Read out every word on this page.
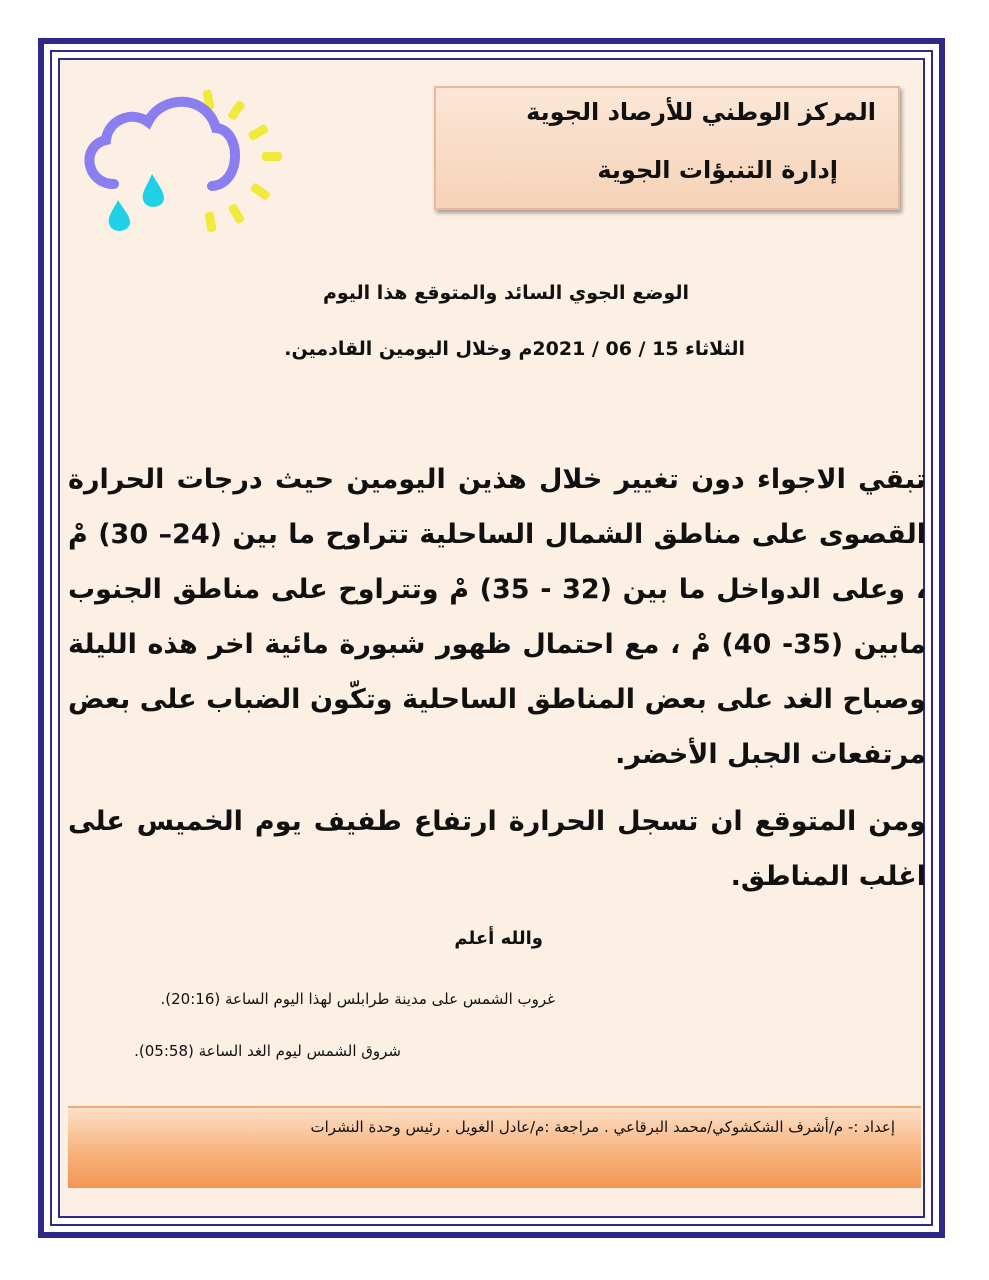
المركز الوطني للأرصاد الجوية
إدارة التنبؤات الجوية
الوضع الجوي السائد والمتوقع هذا اليوم
الثلاثاء 15 / 06 / 2021م وخلال اليومين القادمين.
تبقي الاجواء دون تغيير خلال هذين اليومين حيث درجات الحرارة القصوى على مناطق الشمال الساحلية تتراوح ما بين (24– 30) مْ ، وعلى الدواخل ما بين (32 - 35) مْ وتتراوح على مناطق الجنوب مابين (35- 40) مْ ، مع احتمال ظهور شبورة مائية اخر هذه الليلة وصباح الغد على بعض المناطق الساحلية وتكّون الضباب على بعض مرتفعات الجبل الأخضر.
ومن المتوقع ان تسجل الحرارة ارتفاع طفيف يوم الخميس على اغلب المناطق.
والله أعلم
غروب الشمس على مدينة طرابلس لهذا اليوم الساعة (20:16).
شروق الشمس ليوم الغد الساعة (05:58).
إعداد :- م/أشرف الشكشوكي/محمد البرقاعي . مراجعة :م/عادل الغويل . رئيس وحدة النشرات
